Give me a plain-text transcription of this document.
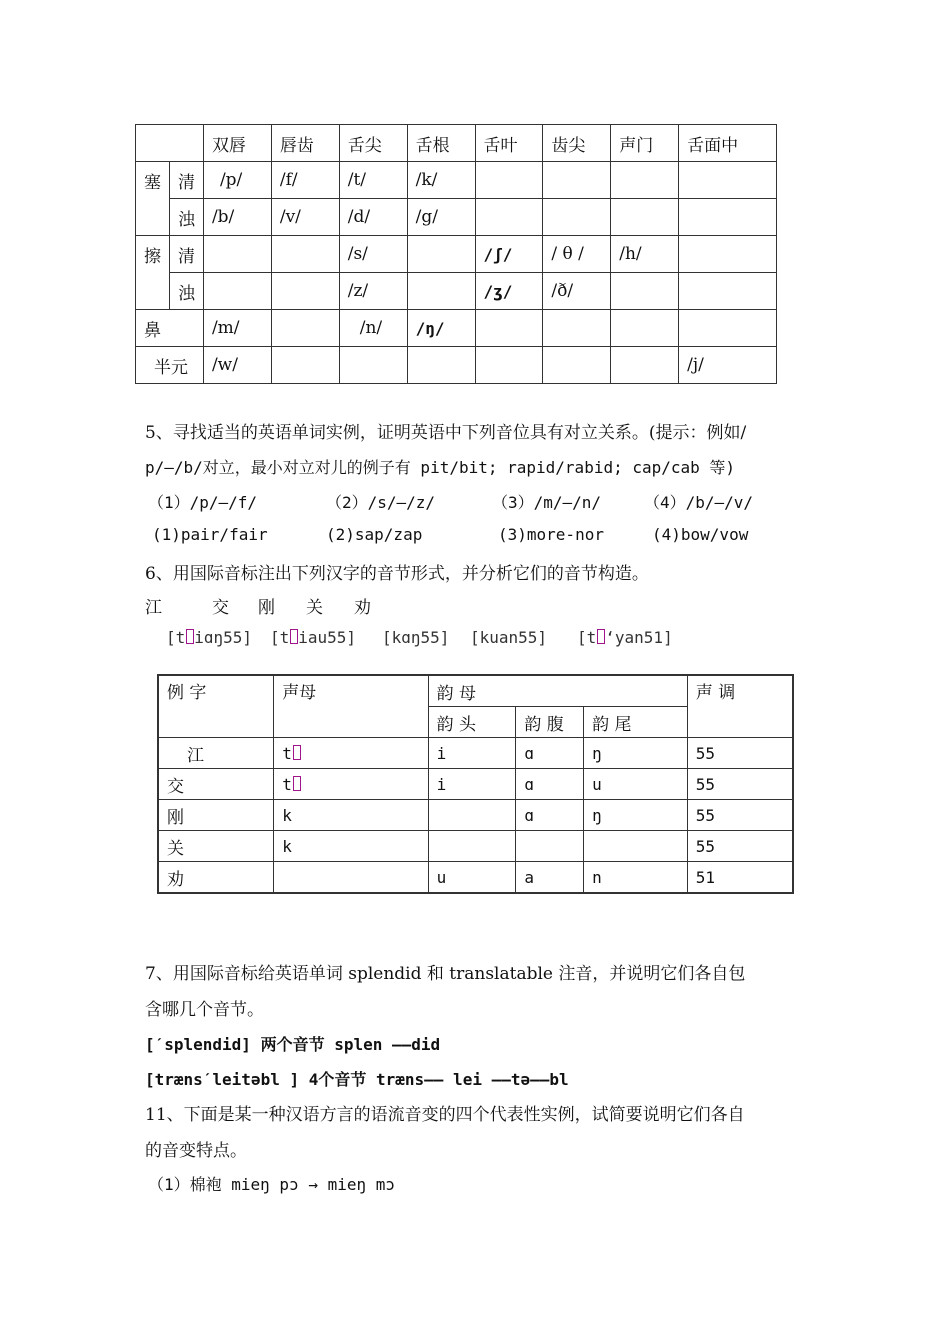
		双唇	唇齿	舌尖	舌根	舌叶	齿尖	声门	舌面中
塞	清	/p/	/f/	/t/	/k/				
	浊	/b/	/v/	/d/	/g/				
擦	清			/s/		/ʃ/	/ θ /	/h/	
	浊			/z/		/ʒ/	/ð/		
鼻		/m/		/n/	/ŋ/				
半元		/w/							/j/
5、寻找适当的英语单词实例，证明英语中下列音位具有对立关系。(提示：例如/
p/—/b/对立，最小对立对儿的例子有 pit/bit; rapid/rabid; cap/cab 等)
（1）/p/—/f/	（2）/s/—/z/	（3）/m/—/n/	（4）/b/—/v/
(1)pair/fair	(2)sap/zap	(3)more-nor	(4)bow/vow
6、用国际音标注出下列汉字的音节形式，并分析它们的音节构造。
江	交 刚 关 劝
[t iɑŋ55] [t iau55] [kɑŋ55] [kuan55] [t ‘yan51]
例 字	声母	韵 母			声 调
		韵 头	韵 腹	韵 尾	
江	t	i	ɑ	ŋ	55
交	t	i	ɑ	u	55
刚	k		ɑ	ŋ	55
关	k				55
劝		u	a	n	51
7、用国际音标给英语单词 splendid 和 translatable 注音，并说明它们各自包
含哪几个音节。
[ˊsplendid] 两个音节 splen ——did
[trænsˊleitəbl ] 4个音节 træns—— lei ——tə——bl
11、下面是某一种汉语方言的语流音变的四个代表性实例，试简要说明它们各自
的音变特点。
（1）棉袍 mieŋ pɔ → mieŋ mɔ
